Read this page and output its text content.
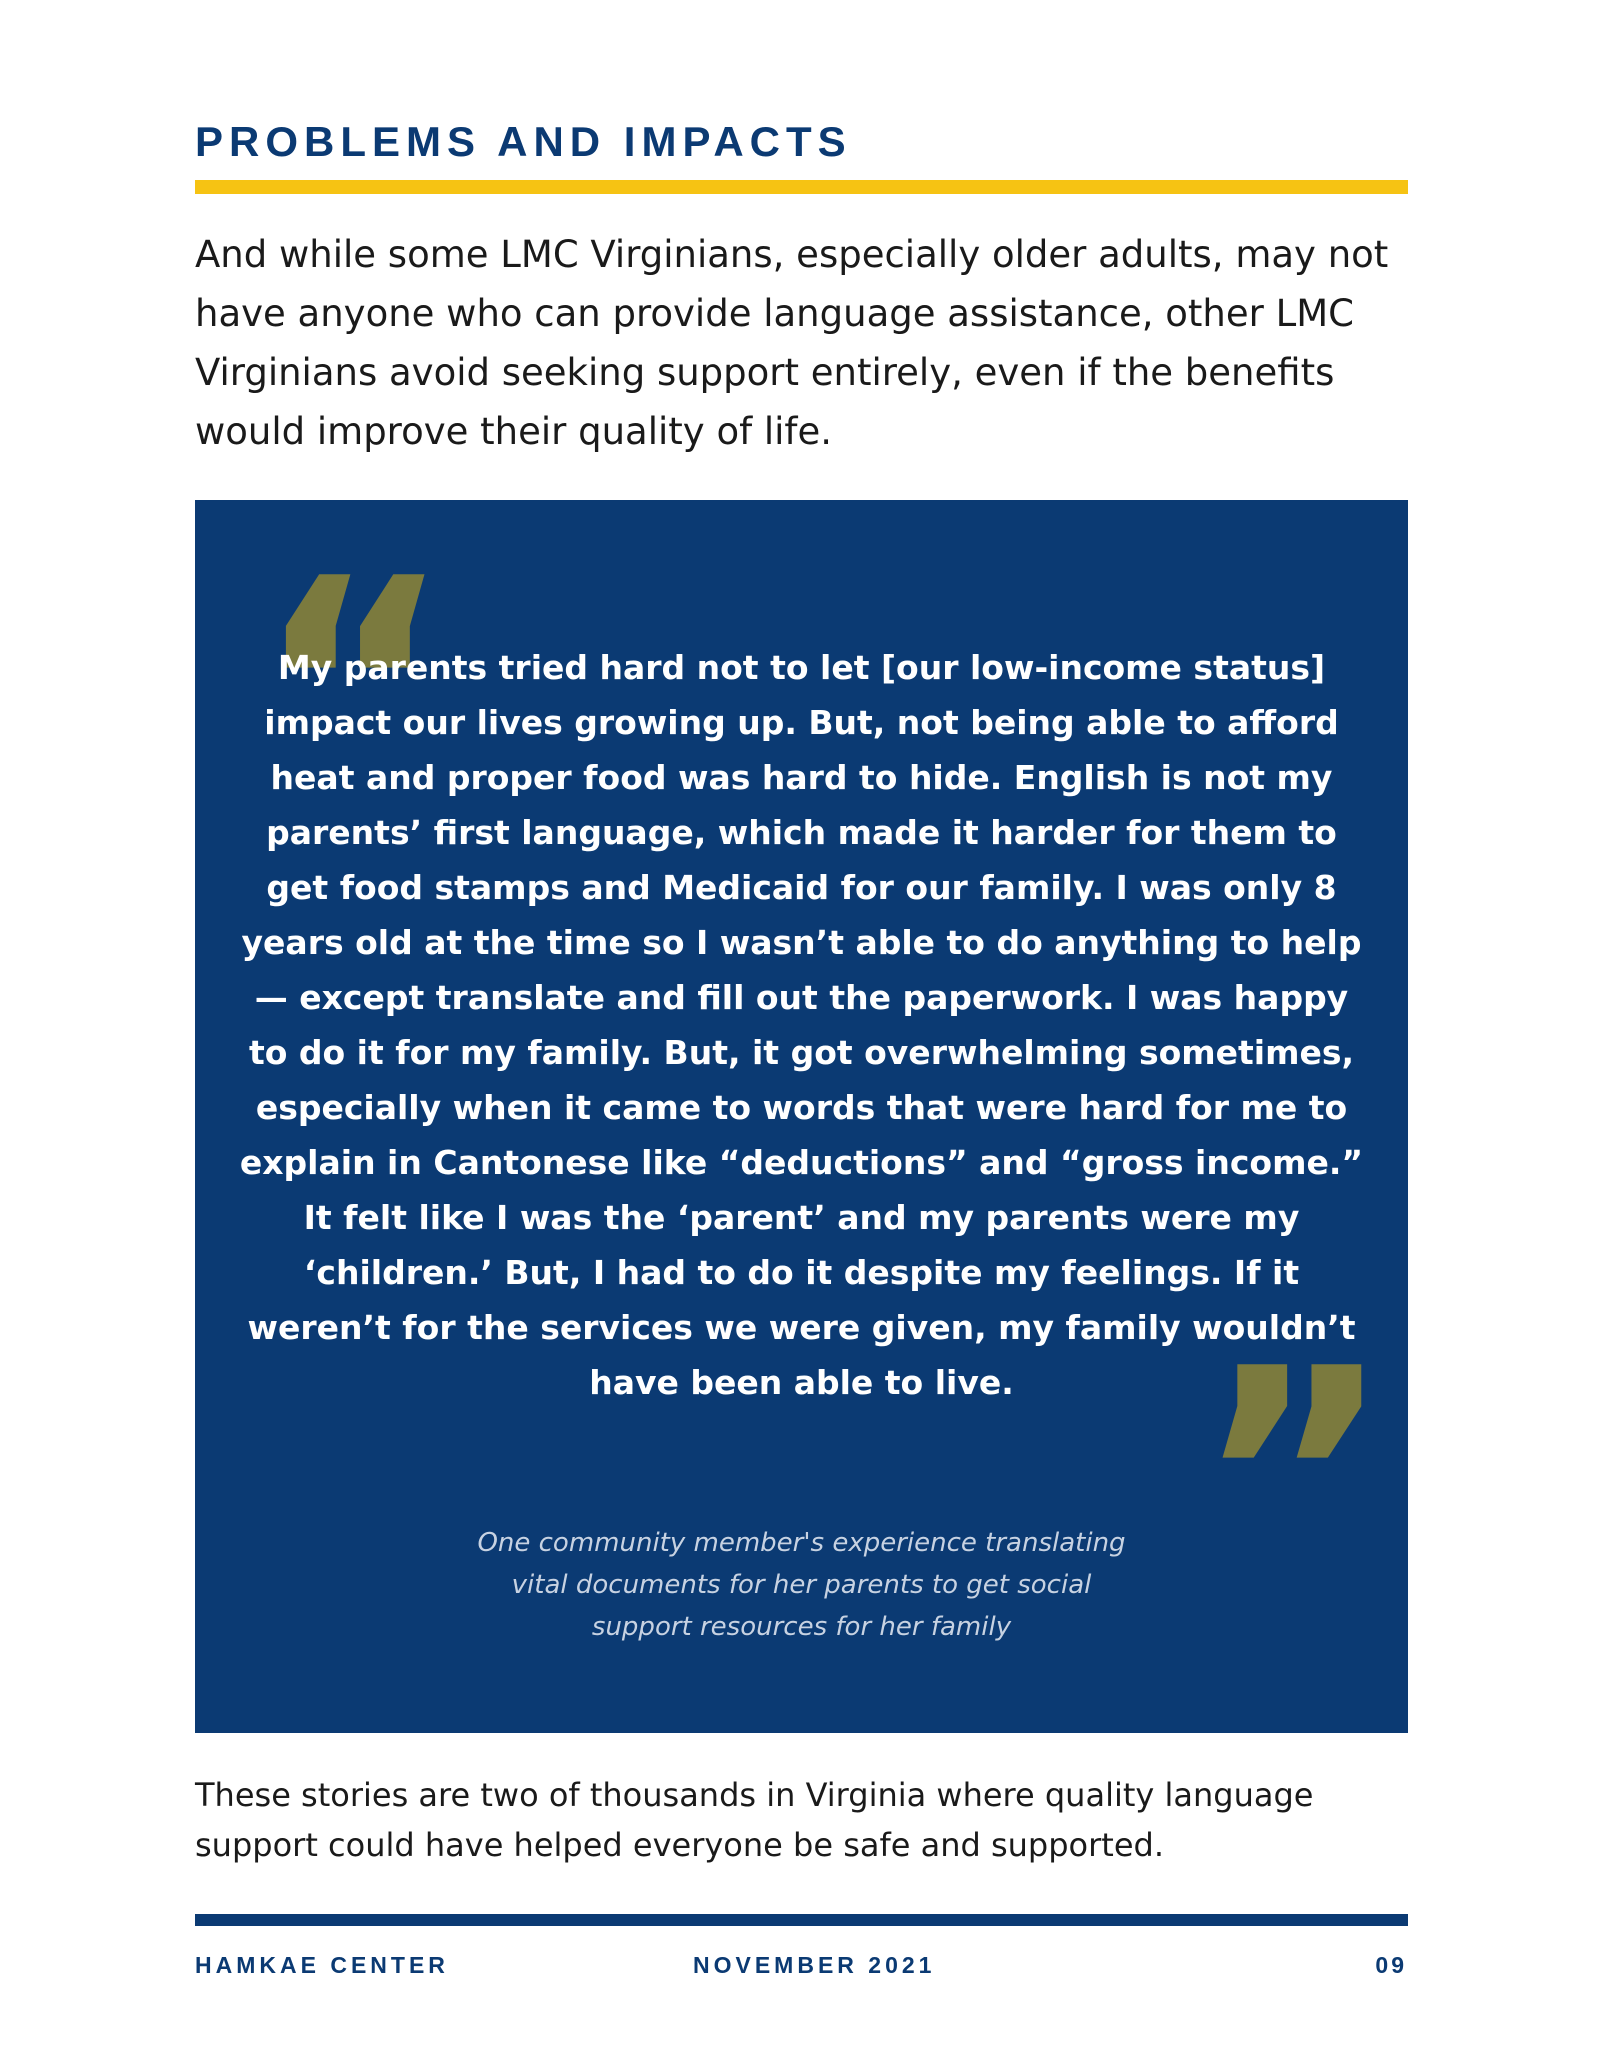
PROBLEMS AND IMPACTS

And while some LMC Virginians, especially older adults, may not have anyone who can provide language assistance, other LMC Virginians avoid seeking support entirely, even if the benefits would improve their quality of life.

“

My parents tried hard not to let [our low-income status] impact our lives growing up. But, not being able to afford heat and proper food was hard to hide. English is not my parents’ first language, which made it harder for them to get food stamps and Medicaid for our family. I was only 8 years old at the time so I wasn’t able to do anything to help — except translate and fill out the paperwork. I was happy to do it for my family. But, it got overwhelming sometimes, especially when it came to words that were hard for me to explain in Cantonese like “deductions” and “gross income.” It felt like I was the ‘parent’ and my parents were my ‘children.’ But, I had to do it despite my feelings. If it weren’t for the services we were given, my family wouldn’t have been able to live. ”

One community member's experience translating vital documents for her parents to get social support resources for her family

These stories are two of thousands in Virginia where quality language support could have helped everyone be safe and supported.

HAMKAE CENTER	NOVEMBER 2021	09
